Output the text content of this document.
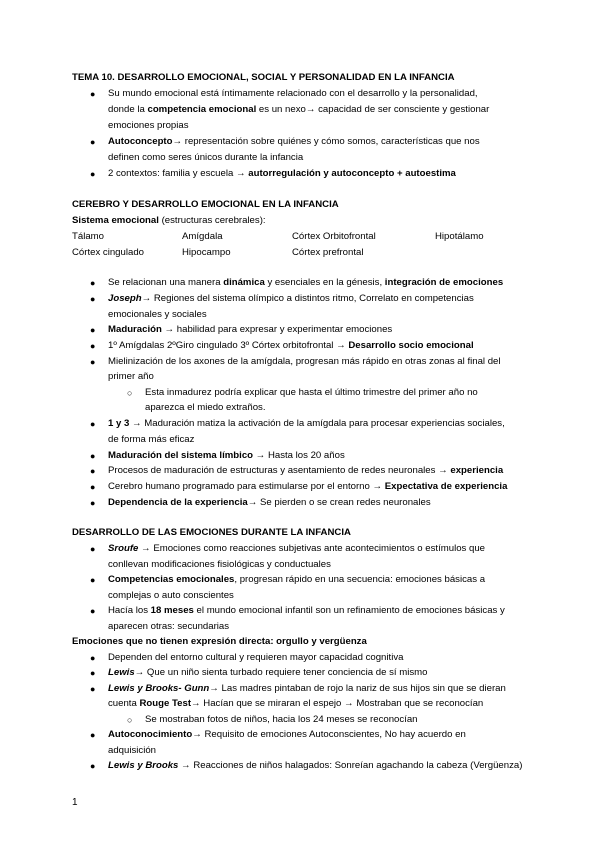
TEMA 10. DESARROLLO EMOCIONAL, SOCIAL Y PERSONALIDAD EN LA INFANCIA
● Su mundo emocional está íntimamente relacionado con el desarrollo y la personalidad,
donde la competencia emocional es un nexo→ capacidad de ser consciente y gestionar
emociones propias
● Autoconcepto→ representación sobre quiénes y cómo somos, características que nos
definen como seres únicos durante la infancia
● 2 contextos: familia y escuela → autorregulación y autoconcepto + autoestima
CEREBRO Y DESARROLLO EMOCIONAL EN LA INFANCIA
Sistema emocional (estructuras cerebrales):
Tálamo	Amígdala	Córtex Orbitofrontal	Hipotálamo
Córtex cingulado	Hipocampo	Córtex prefrontal
● Se relacionan una manera dinámica y esenciales en la génesis, integración de emociones
● Joseph→ Regiones del sistema olímpico a distintos ritmo, Correlato en competencias
emocionales y sociales
● Maduración → habilidad para expresar y experimentar emociones
● 1º Amígdalas 2ºGiro cingulado 3º Córtex orbitofrontal → Desarrollo socio emocional
● Mielinización de los axones de la amígdala, progresan más rápido en otras zonas al final del
primer año
○ Esta inmadurez podría explicar que hasta el último trimestre del primer año no
aparezca el miedo extraños.
● 1 y 3 → Maduración matiza la activación de la amígdala para procesar experiencias sociales,
de forma más eficaz
● Maduración del sistema límbico → Hasta los 20 años
● Procesos de maduración de estructuras y asentamiento de redes neuronales → experiencia
● Cerebro humano programado para estimularse por el entorno → Expectativa de experiencia
● Dependencia de la experiencia→ Se pierden o se crean redes neuronales
DESARROLLO DE LAS EMOCIONES DURANTE LA INFANCIA
● Sroufe → Emociones como reacciones subjetivas ante acontecimientos o estímulos que
conllevan modificaciones fisiológicas y conductuales
● Competencias emocionales, progresan rápido en una secuencia: emociones básicas a
complejas o auto conscientes
● Hacía los 18 meses el mundo emocional infantil son un refinamiento de emociones básicas y
aparecen otras: secundarias
Emociones que no tienen expresión directa: orgullo y vergüenza
● Dependen del entorno cultural y requieren mayor capacidad cognitiva
● Lewis→ Que un niño sienta turbado requiere tener conciencia de sí mismo
● Lewis y Brooks- Gunn→ Las madres pintaban de rojo la nariz de sus hijos sin que se dieran
cuenta Rouge Test→ Hacían que se miraran el espejo → Mostraban que se reconocían
○ Se mostraban fotos de niños, hacia los 24 meses se reconocían
● Autoconocimiento→ Requisito de emociones Autoconscientes, No hay acuerdo en
adquisición
● Lewis y Brooks → Reacciones de niños halagados: Sonreían agachando la cabeza (Vergüenza)
1
